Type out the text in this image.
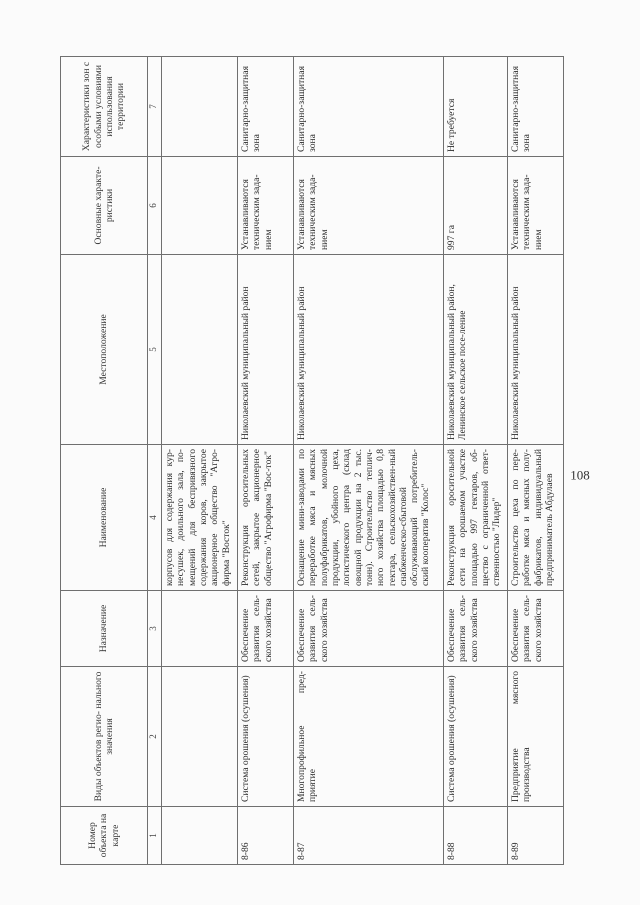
108
Номер объекта на карте	Виды объектов регио- нального значения	Назначение	Наименование	Местоположение	Основные характе- ристики	Характеристики зон с особыми условиями использования территории
1	2	3	4	5	6	7
			корпусов для содержания кур-несушек, доильного зала, по-мещений для беспривязного содержания коров, закрытое акционерное общество "Агро-фирма "Восток"			
8-86	Система орошения (осушения)	Обеспечение развития сель-ского хозяйства	Реконструкция оросительных сетей, закрытое акционерное общество "Агрофирма "Вос-ток"	Николаевский муниципальный район	Устанавливаются техническим зада-нием	Санитарно-защитная зона
8-87	Многопрофильное пред-приятие	Обеспечение развития сель-ского хозяйства	Оснащение мини-заводами по переработке мяса и мясных полуфабрикатов, молочной продукции, убойного цеха, логистического центра (склад овощной продукции на 2 тыс. тонн). Строительство теплич-ного хозяйства площадью 0,8 гектара, сельскохозяйствен-ный снабженческо-сбытовой обслуживающий потребитель-ский кооператив "Колос"	Николаевский муниципальный район	Устанавливаются техническим зада-нием	Санитарно-защитная зона
8-88	Система орошения (осушения)	Обеспечение развития сель-ского хозяйства	Реконструкция оросительной сети на орошаемом участке площадью 997 гектаров, об-щество с ограниченной ответ-ственностью "Лидер"	Николаевский муниципальный район, Ленинское сельское посе-ление	997 га	Не требуется
8-89	Предприятие мясного производства	Обеспечение развития сель-ского хозяйства	Строительство цеха по пере-работке мяса и мясных полу-фабрикатов, индивидуальный предприниматель Абдулаев	Николаевский муниципальный район	Устанавливаются техническим зада-нием	Санитарно-защитная зона
